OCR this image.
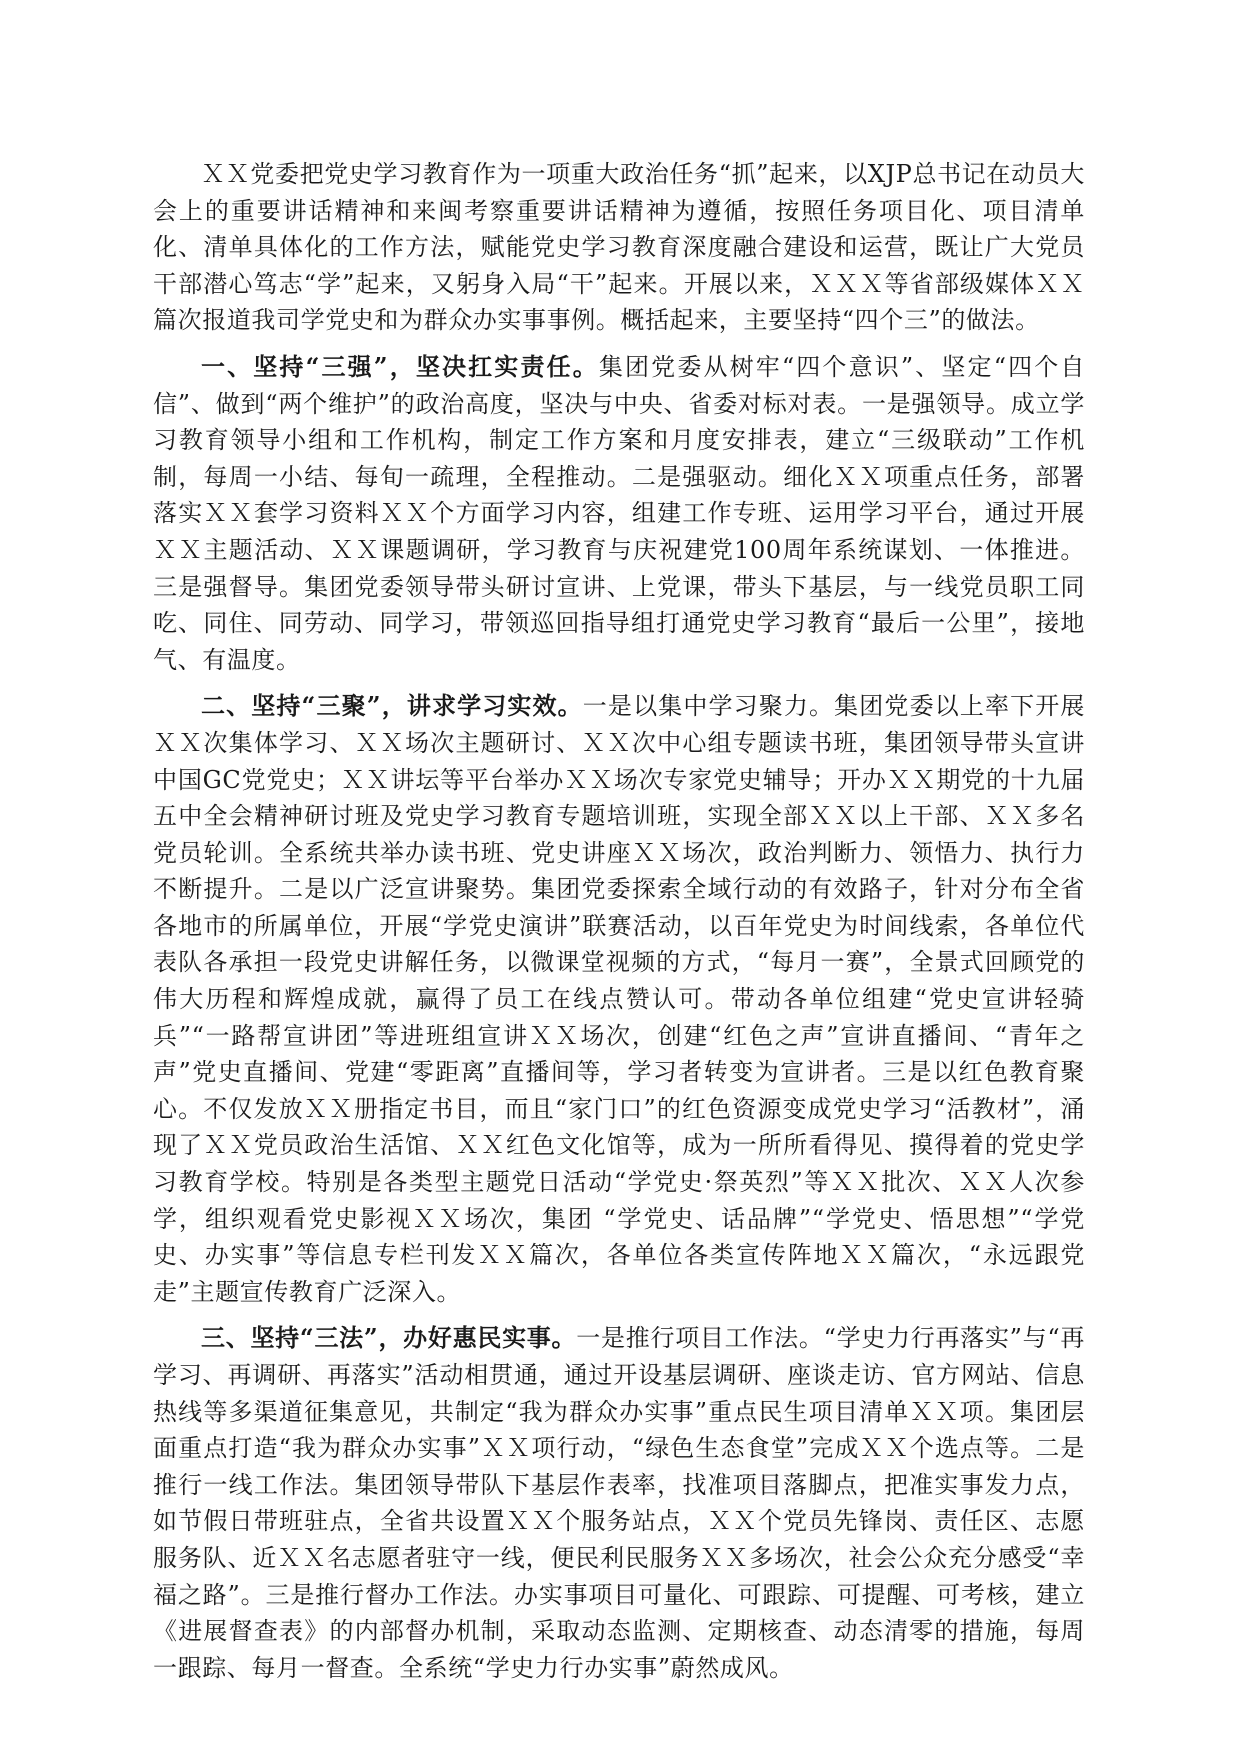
ＸＸ党委把党史学习教育作为一项重大政治任务“抓”起来，以XJP总书记在动员大会上的重要讲话精神和来闽考察重要讲话精神为遵循，按照任务项目化、项目清单化、清单具体化的工作方法，赋能党史学习教育深度融合建设和运营，既让广大党员干部潜心笃志“学”起来，又躬身入局“干”起来。开展以来，ＸＸＸ等省部级媒体ＸＸ篇次报道我司学党史和为群众办实事事例。概括起来，主要坚持“四个三”的做法。

一、坚持“三强”，坚决扛实责任。集团党委从树牢“四个意识”、坚定“四个自信”、做到“两个维护”的政治高度，坚决与中央、省委对标对表。一是强领导。成立学习教育领导小组和工作机构，制定工作方案和月度安排表，建立“三级联动”工作机制，每周一小结、每旬一疏理，全程推动。二是强驱动。细化ＸＸ项重点任务，部署落实ＸＸ套学习资料ＸＸ个方面学习内容，组建工作专班、运用学习平台，通过开展ＸＸ主题活动、ＸＸ课题调研，学习教育与庆祝建党100周年系统谋划、一体推进。三是强督导。集团党委领导带头研讨宣讲、上党课，带头下基层，与一线党员职工同吃、同住、同劳动、同学习，带领巡回指导组打通党史学习教育“最后一公里”，接地气、有温度。

二、坚持“三聚”，讲求学习实效。一是以集中学习聚力。集团党委以上率下开展ＸＸ次集体学习、ＸＸ场次主题研讨、ＸＸ次中心组专题读书班，集团领导带头宣讲中国GC党党史；ＸＸ讲坛等平台举办ＸＸ场次专家党史辅导；开办ＸＸ期党的十九届五中全会精神研讨班及党史学习教育专题培训班，实现全部ＸＸ以上干部、ＸＸ多名党员轮训。全系统共举办读书班、党史讲座ＸＸ场次，政治判断力、领悟力、执行力不断提升。二是以广泛宣讲聚势。集团党委探索全域行动的有效路子，针对分布全省各地市的所属单位，开展“学党史演讲”联赛活动，以百年党史为时间线索，各单位代表队各承担一段党史讲解任务，以微课堂视频的方式，“每月一赛”，全景式回顾党的伟大历程和辉煌成就，赢得了员工在线点赞认可。带动各单位组建“党史宣讲轻骑兵”“一路帮宣讲团”等进班组宣讲ＸＸ场次，创建“红色之声”宣讲直播间、“青年之声”党史直播间、党建“零距离”直播间等，学习者转变为宣讲者。三是以红色教育聚心。不仅发放ＸＸ册指定书目，而且“家门口”的红色资源变成党史学习“活教材”，涌现了ＸＸ党员政治生活馆、ＸＸ红色文化馆等，成为一所所看得见、摸得着的党史学习教育学校。特别是各类型主题党日活动“学党史·祭英烈”等ＸＸ批次、ＸＸ人次参学，组织观看党史影视ＸＸ场次，集团 “学党史、话品牌”“学党史、悟思想”“学党史、办实事”等信息专栏刊发ＸＸ篇次，各单位各类宣传阵地ＸＸ篇次，“永远跟党走”主题宣传教育广泛深入。

三、坚持“三法”，办好惠民实事。一是推行项目工作法。“学史力行再落实”与“再学习、再调研、再落实”活动相贯通，通过开设基层调研、座谈走访、官方网站、信息热线等多渠道征集意见，共制定“我为群众办实事”重点民生项目清单ＸＸ项。集团层面重点打造“我为群众办实事”ＸＸ项行动，“绿色生态食堂”完成ＸＸ个选点等。二是推行一线工作法。集团领导带队下基层作表率，找准项目落脚点，把准实事发力点，如节假日带班驻点，全省共设置ＸＸ个服务站点，ＸＸ个党员先锋岗、责任区、志愿服务队、近ＸＸ名志愿者驻守一线，便民利民服务ＸＸ多场次，社会公众充分感受“幸福之路”。三是推行督办工作法。办实事项目可量化、可跟踪、可提醒、可考核，建立《进展督查表》的内部督办机制，采取动态监测、定期核查、动态清零的措施，每周一跟踪、每月一督查。全系统“学史力行办实事”蔚然成风。
